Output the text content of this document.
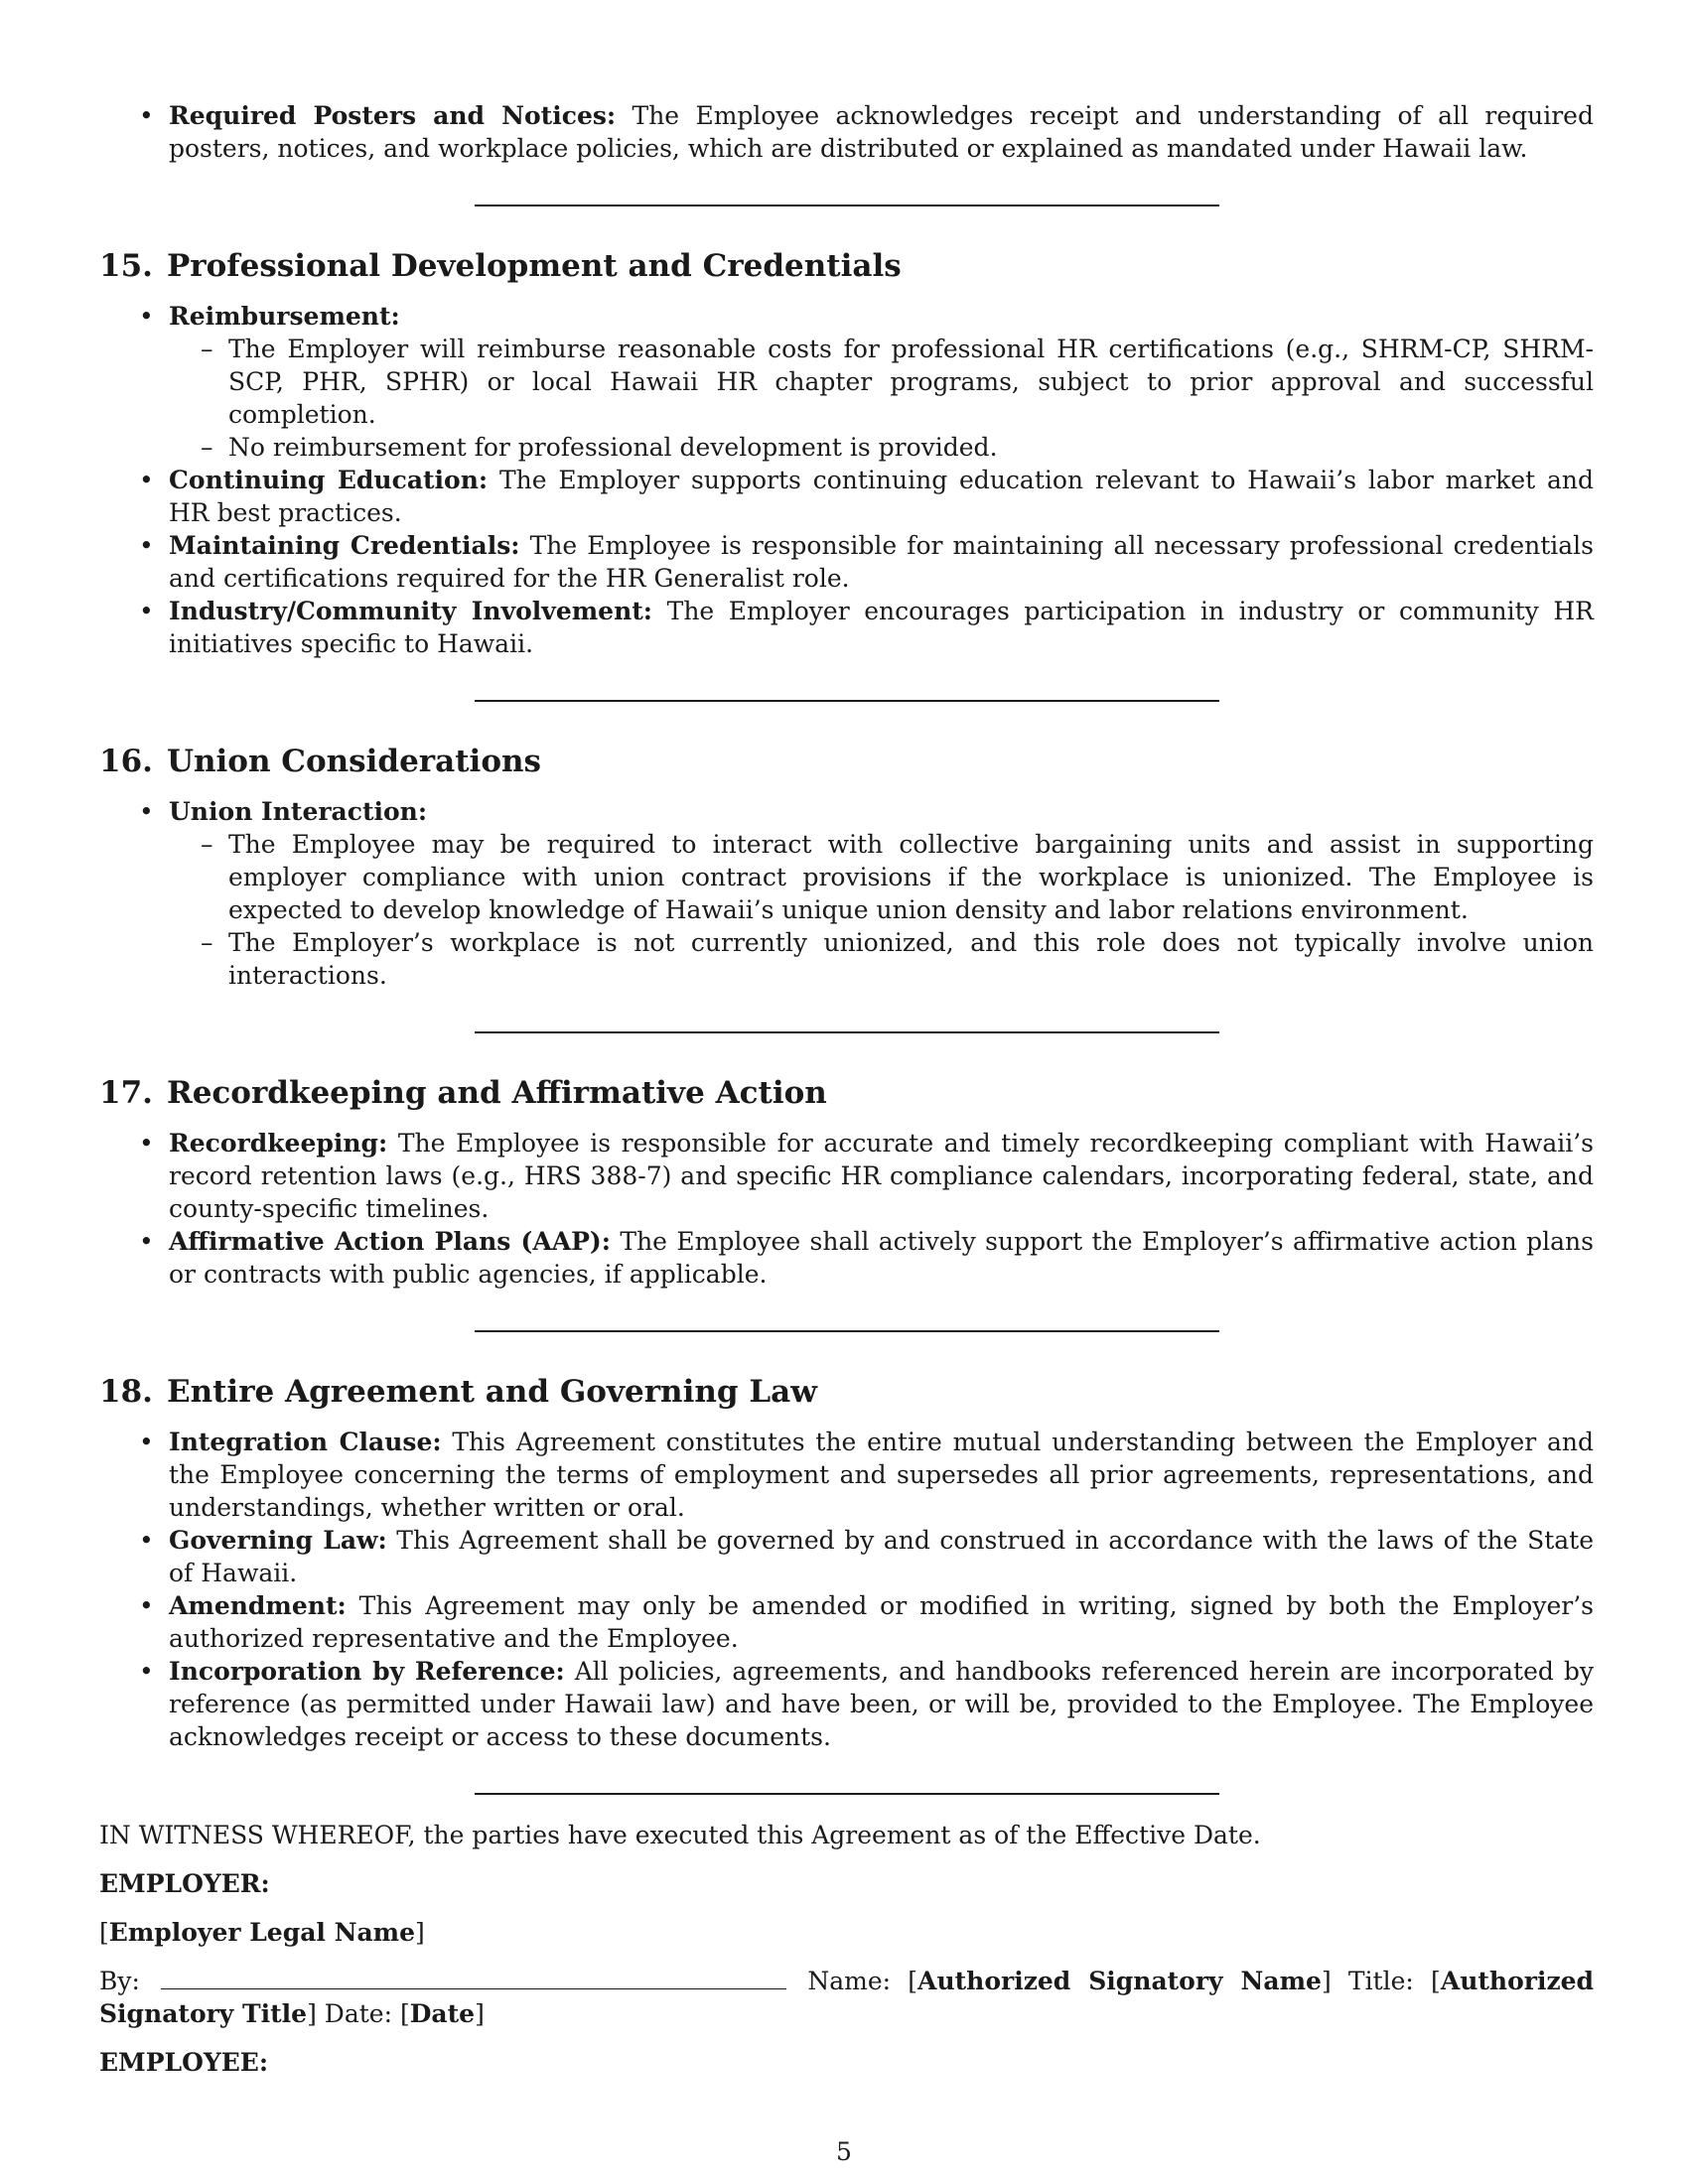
• Required Posters and Notices: The Employee acknowledges receipt and understanding of all required posters, notices, and workplace policies, which are distributed or explained as mandated under Hawaii law.
15. Professional Development and Credentials
• Reimbursement:
– The Employer will reimburse reasonable costs for professional HR certifications (e.g., SHRM-CP, SHRM-SCP, PHR, SPHR) or local Hawaii HR chapter programs, subject to prior approval and successful completion.
– No reimbursement for professional development is provided.
• Continuing Education: The Employer supports continuing education relevant to Hawaii’s labor market and HR best practices.
• Maintaining Credentials: The Employee is responsible for maintaining all necessary professional credentials and certifications required for the HR Generalist role.
• Industry/Community Involvement: The Employer encourages participation in industry or community HR initiatives specific to Hawaii.
16. Union Considerations
• Union Interaction:
– The Employee may be required to interact with collective bargaining units and assist in supporting employer compliance with union contract provisions if the workplace is unionized. The Employee is expected to develop knowledge of Hawaii’s unique union density and labor relations environment.
– The Employer’s workplace is not currently unionized, and this role does not typically involve union interactions.
17. Recordkeeping and Affirmative Action
• Recordkeeping: The Employee is responsible for accurate and timely recordkeeping compliant with Hawaii’s record retention laws (e.g., HRS 388-7) and specific HR compliance calendars, incorporating federal, state, and county-specific timelines.
• Affirmative Action Plans (AAP): The Employee shall actively support the Employer’s affirmative action plans or contracts with public agencies, if applicable.
18. Entire Agreement and Governing Law
• Integration Clause: This Agreement constitutes the entire mutual understanding between the Employer and the Employee concerning the terms of employment and supersedes all prior agreements, representations, and understandings, whether written or oral.
• Governing Law: This Agreement shall be governed by and construed in accordance with the laws of the State of Hawaii.
• Amendment: This Agreement may only be amended or modified in writing, signed by both the Employer’s authorized representative and the Employee.
• Incorporation by Reference: All policies, agreements, and handbooks referenced herein are incorporated by reference (as permitted under Hawaii law) and have been, or will be, provided to the Employee. The Employee acknowledges receipt or access to these documents.

IN WITNESS WHEREOF, the parties have executed this Agreement as of the Effective Date.

EMPLOYER:

[Employer Legal Name]

By:	Name: [Authorized Signatory Name] Title: [Authorized Signatory Title] Date: [Date]

EMPLOYEE:

5
